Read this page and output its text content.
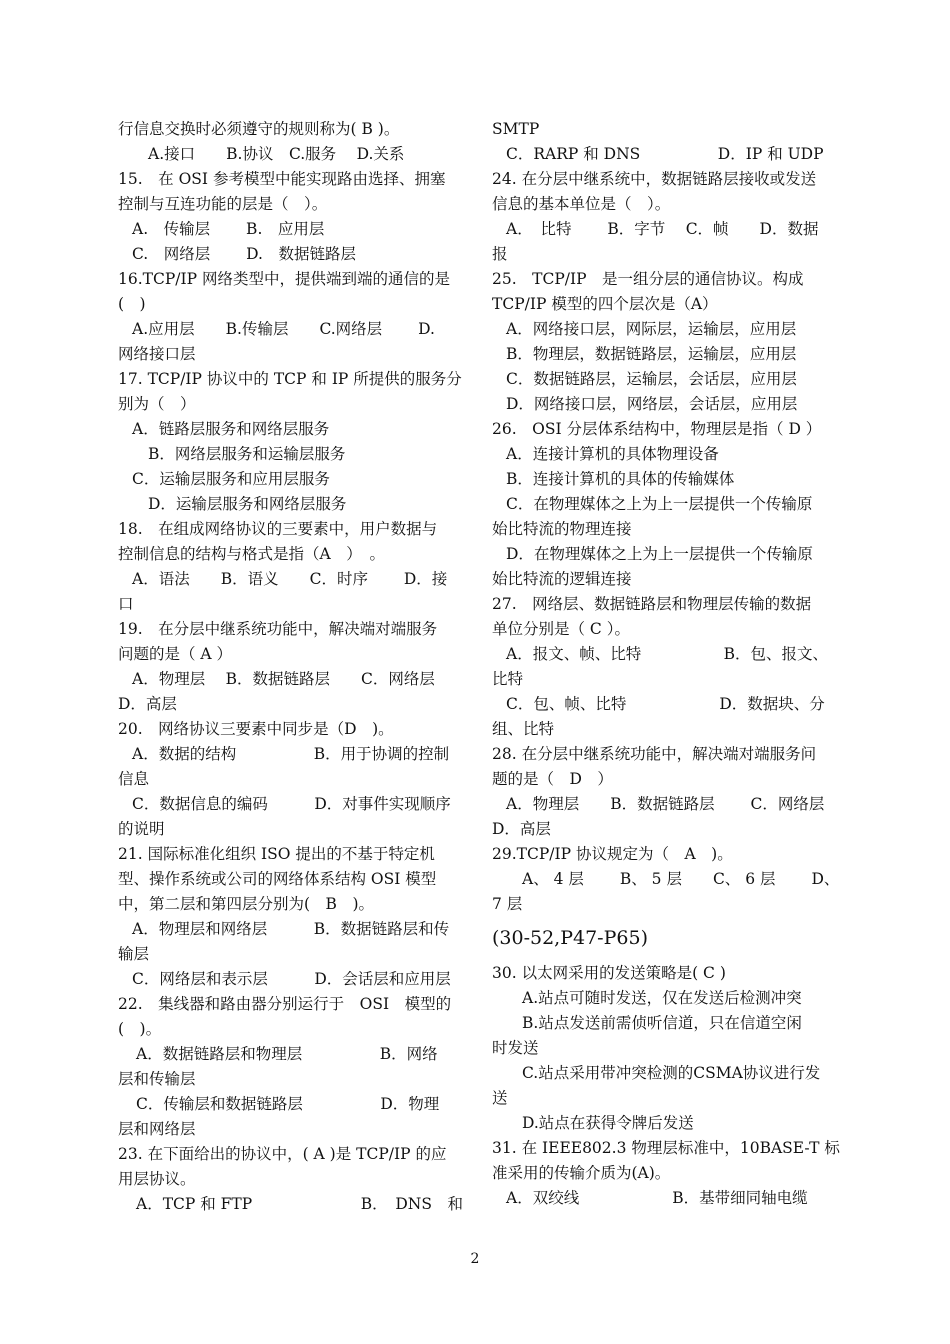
行信息交换时必须遵守的规则称为( B )。

A.接口　　B.协议　C.服务　 D.关系

15.　在 OSI 参考模型中能实现路由选择、拥塞

控制与互连功能的层是（　）。

A.　传输层　　 B.　应用层

C.　网络层　　 D.　数据链路层

16.TCP/IP 网络类型中，提供端到端的通信的是

(　)

A.应用层　　B.传输层　　C.网络层　　 D.

网络接口层

17. TCP/IP 协议中的 TCP 和 IP 所提供的服务分

别为（　）

A．链路层服务和网络层服务

B．网络层服务和运输层服务

C．运输层服务和应用层服务

D．运输层服务和网络层服务

18.　在组成网络协议的三要素中，用户数据与

控制信息的结构与格式是指（A　）　。

A．语法　　B．语义　　C．时序　　 D．接

口

19.　在分层中继系统功能中，解决端对端服务

问题的是（ A ）

A．物理层　 B．数据链路层　　C．网络层

D．高层

20.　网络协议三要素中同步是（D　)。

A．数据的结构　　　　　B．用于协调的控制

信息

C．数据信息的编码　　　D．对事件实现顺序

的说明

21. 国际标准化组织 ISO 提出的不基于特定机

型、操作系统或公司的网络体系结构 OSI 模型

中，第二层和第四层分别为(　B　)。

A．物理层和网络层　　　B．数据链路层和传

输层

C．网络层和表示层　　　D．会话层和应用层

22.　集线器和路由器分别运行于　OSI　模型的

(　)。

A．数据链路层和物理层　　　　　B．网络

层和传输层

C．传输层和数据链路层　　　　　D．物理

层和网络层

23. 在下面给出的协议中，( A )是 TCP/IP 的应

用层协议。

A．TCP 和 FTP　　　　　　　B．　DNS　和

SMTP

C．RARP 和 DNS　　　　　D．IP 和 UDP

24. 在分层中继系统中，数据链路层接收或发送

信息的基本单位是（　）。

A．　比特　　 B．字节　 C．帧　　D．数据

报

25.　TCP/IP　是一组分层的通信协议。构成

TCP/IP 模型的四个层次是（A）

A．网络接口层，网际层，运输层，应用层

B．物理层，数据链路层，运输层，应用层

C．数据链路层，运输层，会话层，应用层

D．网络接口层，网络层，会话层，应用层

26.　OSI 分层体系结构中，物理层是指（ D ）

A．连接计算机的具体物理设备

B．连接计算机的具体的传输媒体

C．在物理媒体之上为上一层提供一个传输原

始比特流的物理连接

D．在物理媒体之上为上一层提供一个传输原

始比特流的逻辑连接

27.　网络层、数据链路层和物理层传输的数据

单位分别是（ C ）。

A．报文、帧、比特　　　　　 B．包、报文、

比特

C．包、帧、比特　　　　　　D．数据块、分

组、比特

28. 在分层中继系统功能中，解决端对端服务问

题的是（　D　）

A．物理层　　B．数据链路层　　 C．网络层

D．高层

29.TCP/IP 协议规定为（　A　)。

A、 4 层　　 B、 5 层　　C、 6 层　　 D、

7 层

(30-52,P47-P65)

30. 以太网采用的发送策略是( C )

A.站点可随时发送，仅在发送后检测冲突

B.站点发送前需侦听信道，只在信道空闲

时发送

C.站点采用带冲突检测的CSMA协议进行发

送

D.站点在获得令牌后发送

31. 在 IEEE802.3 物理层标准中，10BASE-T 标

准采用的传输介质为(A)。

A．双绞线　　　　　　B．基带细同轴电缆

2
